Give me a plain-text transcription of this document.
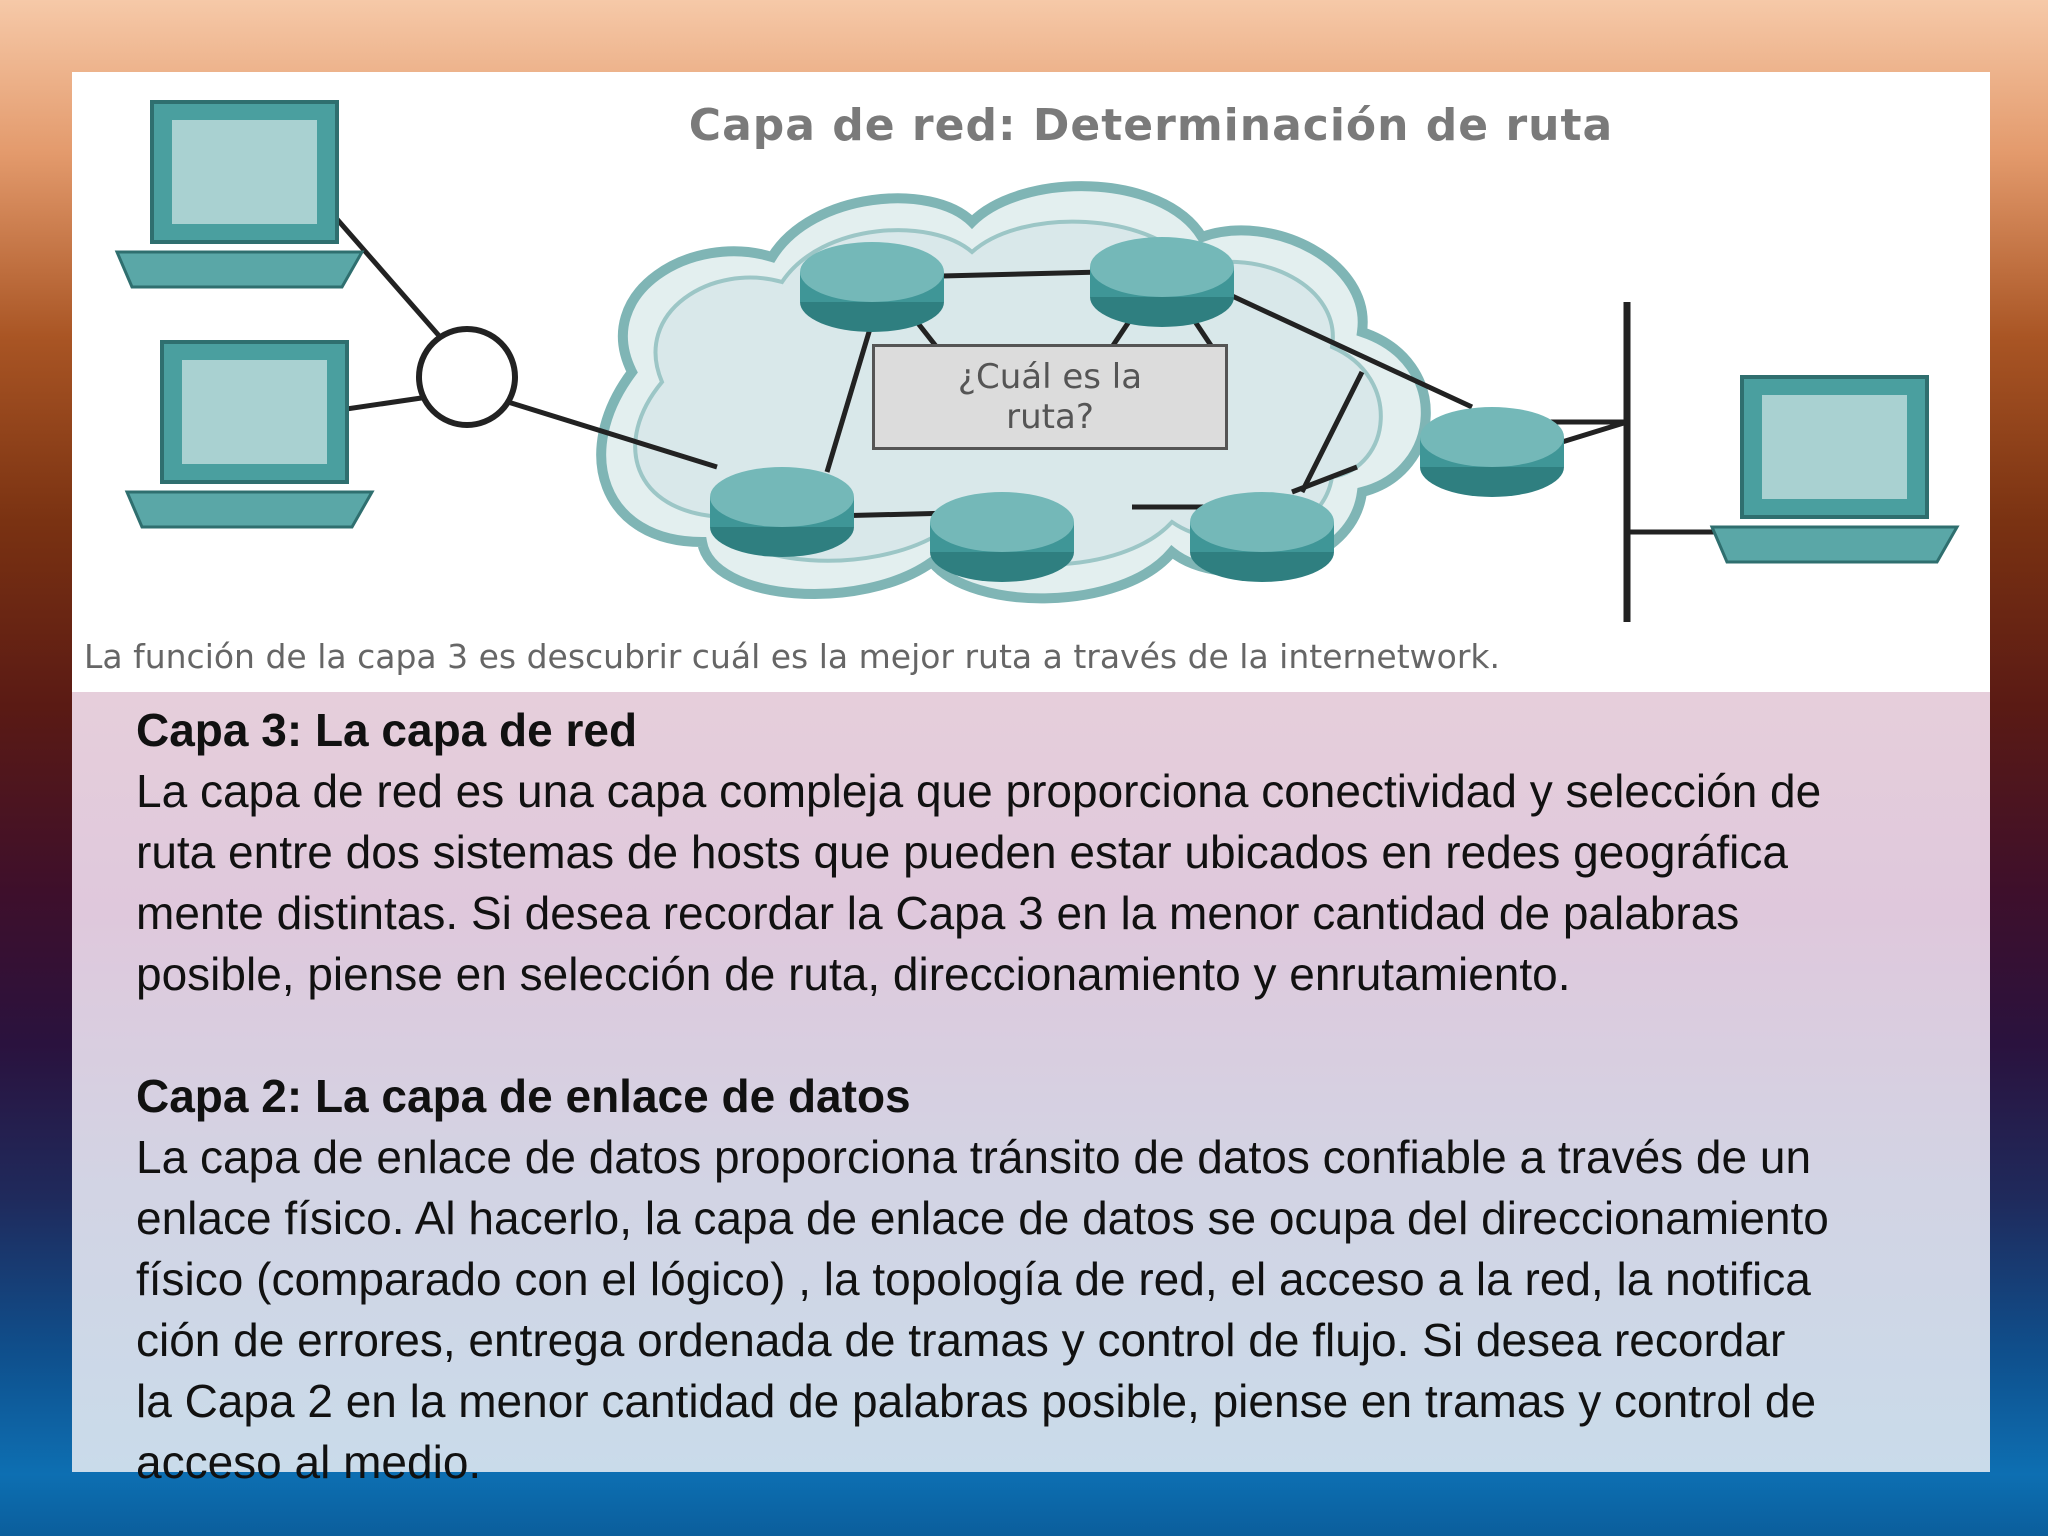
Capa de red: Determinación de ruta
¿Cuál es la ruta?
La función de la capa 3 es descubrir cuál es la mejor ruta a través de la internetwork.
Capa 3: La capa de red
La capa de red es una capa compleja que proporciona conectividad y selección de
ruta entre dos sistemas de hosts que pueden estar ubicados en redes geográfica
mente distintas. Si desea recordar la Capa 3 en la menor cantidad de palabras
posible, piense en selección de ruta, direccionamiento y enrutamiento.
Capa 2: La capa de enlace de datos
La capa de enlace de datos proporciona tránsito de datos confiable a través de un
enlace físico. Al hacerlo, la capa de enlace de datos se ocupa del direccionamiento
físico (comparado con el lógico) , la topología de red, el acceso a la red, la notifica
ción de errores, entrega ordenada de tramas y control de flujo. Si desea recordar
la Capa 2 en la menor cantidad de palabras posible, piense en tramas y control de
acceso al medio.
